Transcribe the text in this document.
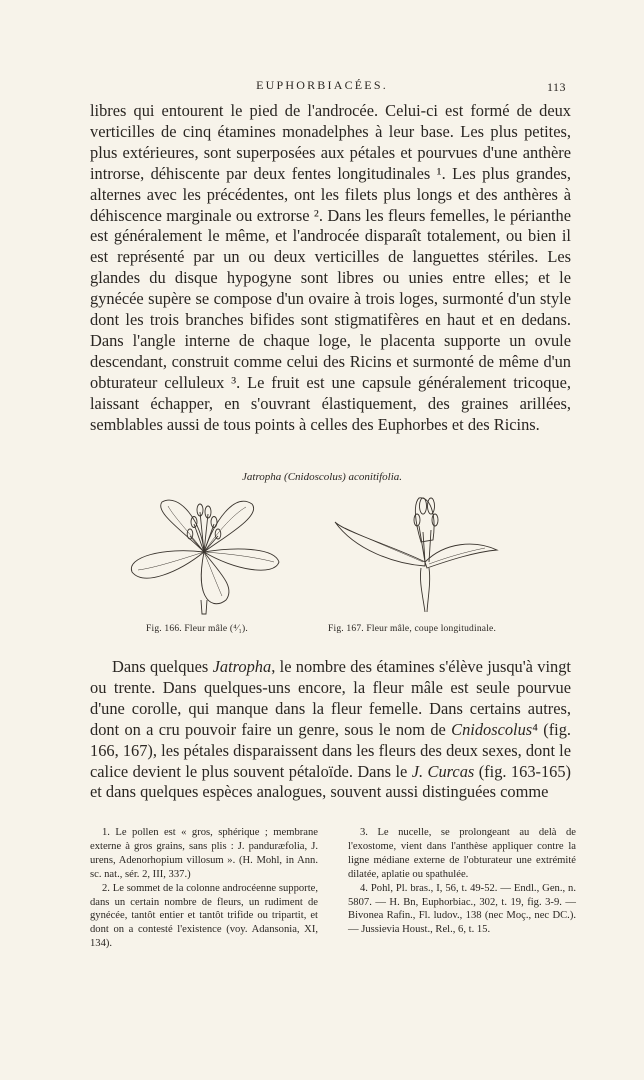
EUPHORBIACÉES.	113

libres qui entourent le pied de l'androcée. Celui-ci est formé de deux verticilles de cinq étamines monadelphes à leur base. Les plus petites, plus extérieures, sont superposées aux pétales et pourvues d'une anthère introrse, déhiscente par deux fentes longitudinales ¹. Les plus grandes, alternes avec les précédentes, ont les filets plus longs et des anthères à déhiscence marginale ou extrorse ². Dans les fleurs femelles, le périanthe est généralement le même, et l'androcée disparaît totalement, ou bien il est représenté par un ou deux verticilles de languettes stériles. Les glandes du disque hypogyne sont libres ou unies entre elles; et le gynécée supère se compose d'un ovaire à trois loges, surmonté d'un style dont les trois branches bifides sont stigmatifères en haut et en dedans. Dans l'angle interne de chaque loge, le placenta supporte un ovule descendant, construit comme celui des Ricins et surmonté de même d'un obturateur celluleux ³. Le fruit est une capsule généralement tricoque, laissant échapper, en s'ouvrant élastiquement, des graines arillées, semblables aussi de tous points à celles des Euphorbes et des Ricins.

Jatropha (Cnidoscolus) aconitifolia.
Fig. 166. Fleur mâle (⁴⁄₁).	Fig. 167. Fleur mâle, coupe longitudinale.

Dans quelques Jatropha, le nombre des étamines s'élève jusqu'à vingt ou trente. Dans quelques-uns encore, la fleur mâle est seule pourvue d'une corolle, qui manque dans la fleur femelle. Dans certains autres, dont on a cru pouvoir faire un genre, sous le nom de Cnidoscolus⁴ (fig. 166, 167), les pétales disparaissent dans les fleurs des deux sexes, dont le calice devient le plus souvent pétaloïde. Dans le J. Curcas (fig. 163-165) et dans quelques espèces analogues, souvent aussi distinguées comme

1. Le pollen est « gros, sphérique ; membrane externe à gros grains, sans plis : J. panduræfolia, J. urens, Adenorhopium villosum ». (H. Mohl, in Ann. sc. nat., sér. 2, III, 337.)

2. Le sommet de la colonne androcéenne supporte, dans un certain nombre de fleurs, un rudiment de gynécée, tantôt entier et tantôt trifide ou tripartit, et dont on a contesté l'existence (voy. Adansonia, XI, 134).

3. Le nucelle, se prolongeant au delà de l'exostome, vient dans l'anthèse appliquer contre la ligne médiane externe de l'obturateur une extrémité dilatée, aplatie ou spathulée.

4. Pohl, Pl. bras., I, 56, t. 49-52. — Endl., Gen., n. 5807. — H. Bn, Euphorbiac., 302, t. 19, fig. 3-9. — Bivonea Rafin., Fl. ludov., 138 (nec Moç., nec DC.). — Jussievia Houst., Rel., 6, t. 15.
